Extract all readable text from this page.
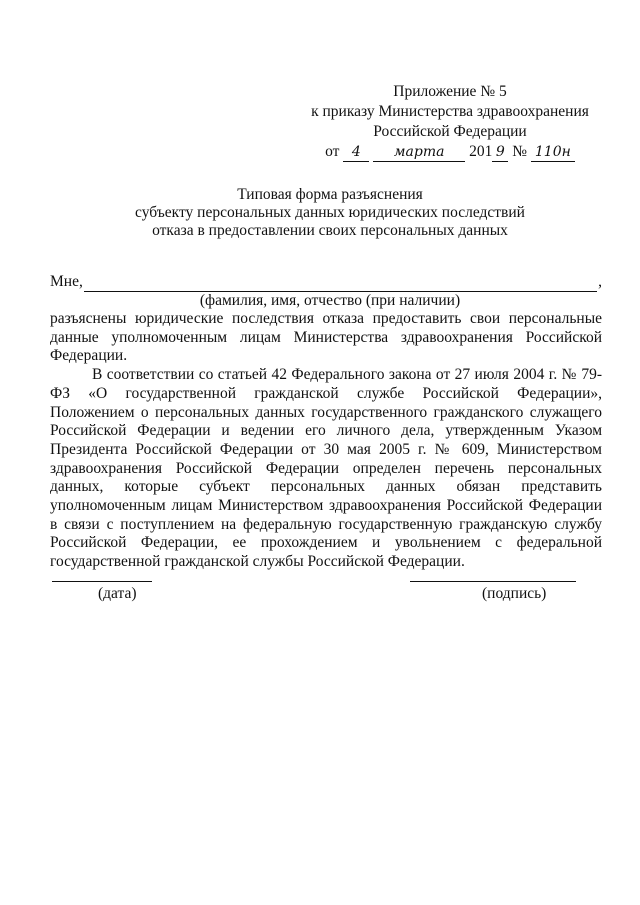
Приложение № 5
к приказу Министерства здравоохранения
Российской Федерации
от 4 марта 201 9 № 110н
Типовая форма разъяснения
субъекту персональных данных юридических последствий
отказа в предоставлении своих персональных данных
Мне,	,
(фамилия, имя, отчество (при наличии)

разъяснены юридические последствия отказа предоставить свои персональные данные уполномоченным лицам Министерства здравоохранения Российской Федерации.

В соответствии со статьей 42 Федерального закона от 27 июля 2004 г. № 79-ФЗ «О государственной гражданской службе Российской Федерации», Положением о персональных данных государственного гражданского служащего Российской Федерации и ведении его личного дела, утвержденным Указом Президента Российской Федерации от 30 мая 2005 г. № 609, Министерством здравоохранения Российской Федерации определен перечень персональных данных, которые субъект персональных данных обязан представить уполномоченным лицам Министерством здравоохранения Российской Федерации в связи с поступлением на федеральную государственную гражданскую службу Российской Федерации, ее прохождением и увольнением с федеральной государственной гражданской службы Российской Федерации.

(дата)	(подпись)
